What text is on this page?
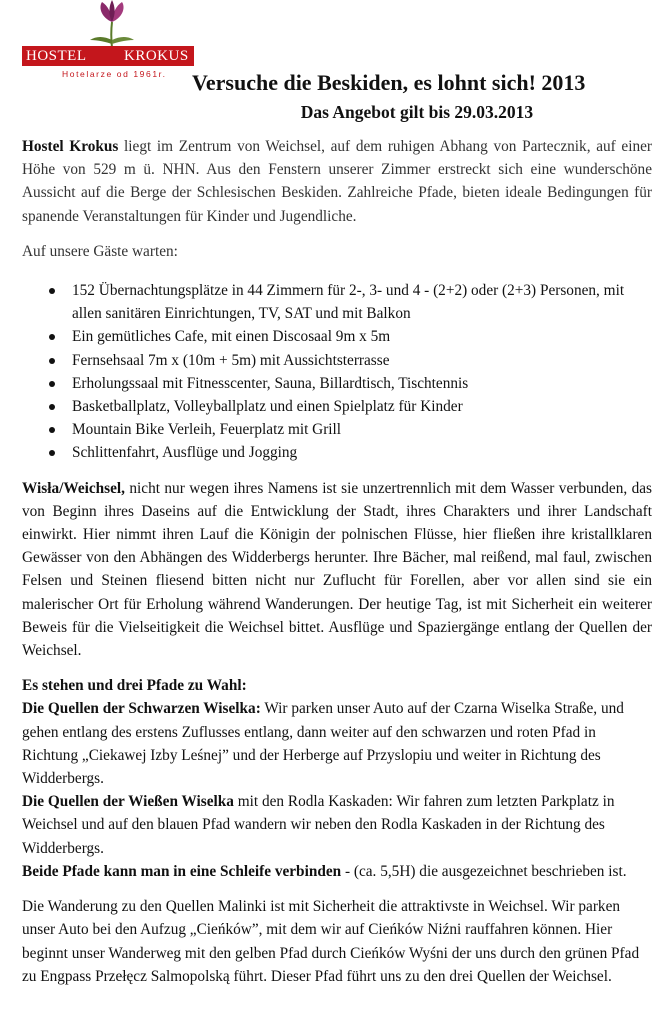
HOSTEL	KROKUS
Hotelarze od 1961r. Versuche die Beskiden, es lohnt sich! 2013
Das Angebot gilt bis 29.03.2013

Hostel Krokus liegt im Zentrum von Weichsel, auf dem ruhigen Abhang von Partecznik, auf einer Höhe von 529 m ü. NHN. Aus den Fenstern unserer Zimmer erstreckt sich eine wunderschöne Aussicht auf die Berge der Schlesischen Beskiden. Zahlreiche Pfade, bieten ideale Bedingungen für spanende Veranstaltungen für Kinder und Jugendliche.

Auf unsere Gäste warten:

152 Übernachtungsplätze in 44 Zimmern für 2-, 3- und 4 - (2+2) oder (2+3) Personen, mit allen sanitären Einrichtungen, TV, SAT und mit Balkon
Ein gemütliches Cafe, mit einen Discosaal 9m x 5m
Fernsehsaal 7m x (10m + 5m) mit Aussichtsterrasse
Erholungssaal mit Fitnesscenter, Sauna, Billardtisch, Tischtennis
Basketballplatz, Volleyballplatz und einen Spielplatz für Kinder
Mountain Bike Verleih, Feuerplatz mit Grill
Schlittenfahrt, Ausflüge und Jogging

Wisła/Weichsel, nicht nur wegen ihres Namens ist sie unzertrennlich mit dem Wasser verbunden, das von Beginn ihres Daseins auf die Entwicklung der Stadt, ihres Charakters und ihrer Landschaft einwirkt. Hier nimmt ihren Lauf die Königin der polnischen Flüsse, hier fließen ihre kristallklaren Gewässer von den Abhängen des Widderbergs herunter. Ihre Bächer, mal reißend, mal faul, zwischen Felsen und Steinen fliesend bitten nicht nur Zuflucht für Forellen, aber vor allen sind sie ein malerischer Ort für Erholung während Wanderungen. Der heutige Tag, ist mit Sicherheit ein weiterer Beweis für die Vielseitigkeit die Weichsel bittet. Ausflüge und Spaziergänge entlang der Quellen der Weichsel.

Es stehen und drei Pfade zu Wahl:

Die Quellen der Schwarzen Wiselka: Wir parken unser Auto auf der Czarna Wiselka Straße, und gehen entlang des erstens Zuflusses entlang, dann weiter auf den schwarzen und roten Pfad in Richtung „Ciekawej Izby Leśnej” und der Herberge auf Przyslopiu und weiter in Richtung des Widderbergs.

Die Quellen der Wießen Wiselka mit den Rodla Kaskaden: Wir fahren zum letzten Parkplatz in Weichsel und auf den blauen Pfad wandern wir neben den Rodla Kaskaden in der Richtung des Widderbergs.

Beide Pfade kann man in eine Schleife verbinden - (ca. 5,5H) die ausgezeichnet beschrieben ist.

Die Wanderung zu den Quellen Malinki ist mit Sicherheit die attraktivste in Weichsel. Wir parken unser Auto bei den Aufzug „Cieńków”, mit dem wir auf Cieńków Niźni rauffahren können. Hier beginnt unser Wanderweg mit den gelben Pfad durch Cieńków Wyśni der uns durch den grünen Pfad zu Engpass Przełęcz Salmopolską führt. Dieser Pfad führt uns zu den drei Quellen der Weichsel.
